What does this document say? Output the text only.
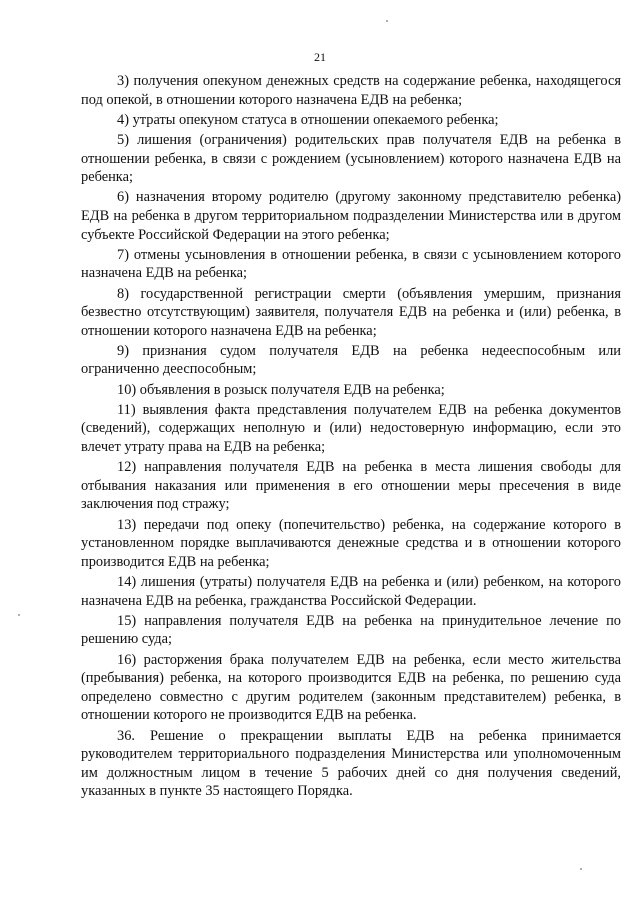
21

3) получения опекуном денежных средств на содержание ребенка, находящегося под опекой, в отношении которого назначена ЕДВ на ребенка;

4) утраты опекуном статуса в отношении опекаемого ребенка;

5) лишения (ограничения) родительских прав получателя ЕДВ на ребенка в отношении ребенка, в связи с рождением (усыновлением) которого назначена ЕДВ на ребенка;

6) назначения второму родителю (другому законному представителю ребенка) ЕДВ на ребенка в другом территориальном подразделении Министерства или в другом субъекте Российской Федерации на этого ребенка;

7) отмены усыновления в отношении ребенка, в связи с усыновлением которого назначена ЕДВ на ребенка;

8) государственной регистрации смерти (объявления умершим, признания безвестно отсутствующим) заявителя, получателя ЕДВ на ребенка и (или) ребенка, в отношении которого назначена ЕДВ на ребенка;

9) признания судом получателя ЕДВ на ребенка недееспособным или ограниченно дееспособным;

10) объявления в розыск получателя ЕДВ на ребенка;

11) выявления факта представления получателем ЕДВ на ребенка документов (сведений), содержащих неполную и (или) недостоверную информацию, если это влечет утрату права на ЕДВ на ребенка;

12) направления получателя ЕДВ на ребенка в места лишения свободы для отбывания наказания или применения в его отношении меры пресечения в виде заключения под стражу;

13) передачи под опеку (попечительство) ребенка, на содержание которого в установленном порядке выплачиваются денежные средства и в отношении которого производится ЕДВ на ребенка;

14) лишения (утраты) получателя ЕДВ на ребенка и (или) ребенком, на которого назначена ЕДВ на ребенка, гражданства Российской Федерации.

15) направления получателя ЕДВ на ребенка на принудительное лечение по решению суда;

16) расторжения брака получателем ЕДВ на ребенка, если место жительства (пребывания) ребенка, на которого производится ЕДВ на ребенка, по решению суда определено совместно с другим родителем (законным представителем) ребенка, в отношении которого не производится ЕДВ на ребенка.

36. Решение о прекращении выплаты ЕДВ на ребенка принимается руководителем территориального подразделения Министерства или уполномоченным им должностным лицом в течение 5 рабочих дней со дня получения сведений, указанных в пункте 35 настоящего Порядка.
